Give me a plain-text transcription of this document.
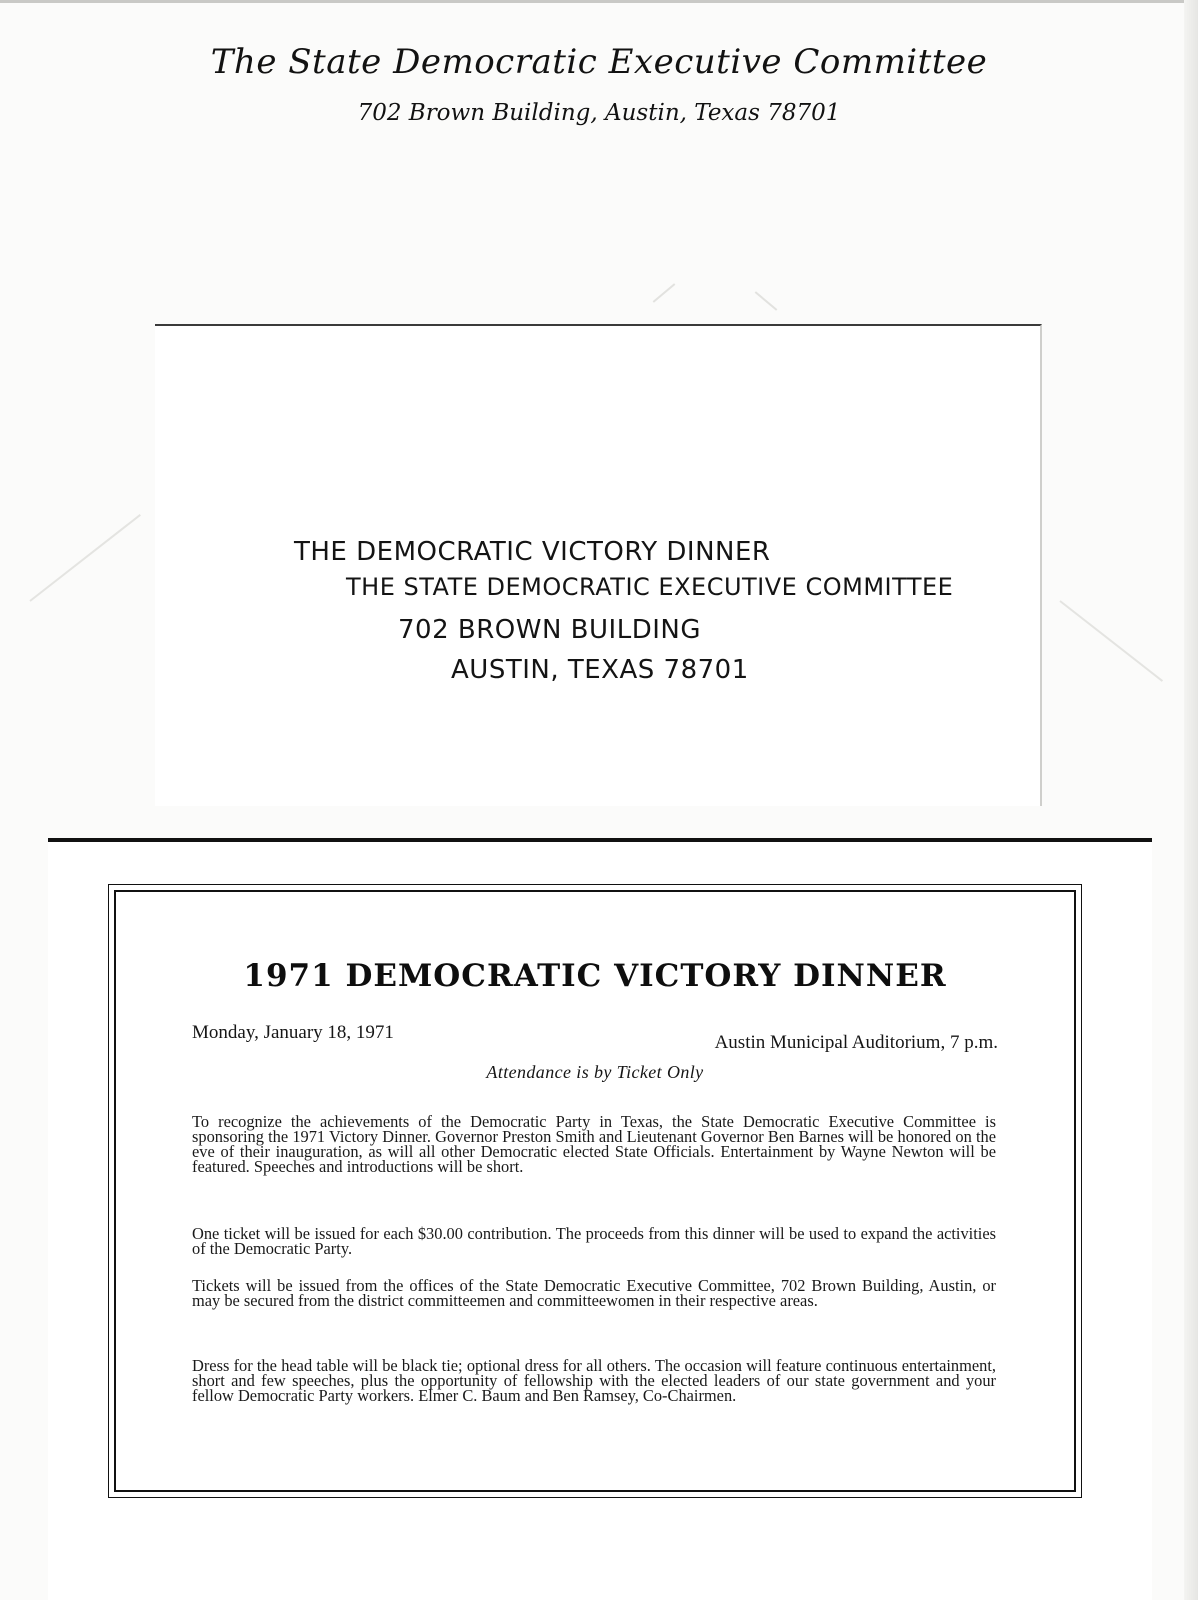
The State Democratic Executive Committee

702 Brown Building, Austin, Texas 78701

THE DEMOCRATIC VICTORY DINNER
THE STATE DEMOCRATIC EXECUTIVE COMMITTEE
702 BROWN BUILDING
AUSTIN, TEXAS 78701
1971 DEMOCRATIC VICTORY DINNER
Monday, January 18, 1971	Austin Municipal Auditorium, 7 p.m.
Attendance is by Ticket Only

To recognize the achievements of the Democratic Party in Texas, the State Democratic Executive Committee is sponsoring the 1971 Victory Dinner. Governor Preston Smith and Lieutenant Governor Ben Barnes will be honored on the eve of their inauguration, as will all other Democratic elected State Officials. Entertainment by Wayne Newton will be featured. Speeches and introductions will be short.

One ticket will be issued for each $30.00 contribution. The proceeds from this dinner will be used to expand the activities of the Democratic Party.

Tickets will be issued from the offices of the State Democratic Executive Committee, 702 Brown Building, Austin, or may be secured from the district committeemen and committeewomen in their respective areas.

Dress for the head table will be black tie; optional dress for all others. The occasion will feature continuous entertainment, short and few speeches, plus the opportunity of fellowship with the elected leaders of our state government and your fellow Democratic Party workers. Elmer C. Baum and Ben Ramsey, Co-Chairmen.
